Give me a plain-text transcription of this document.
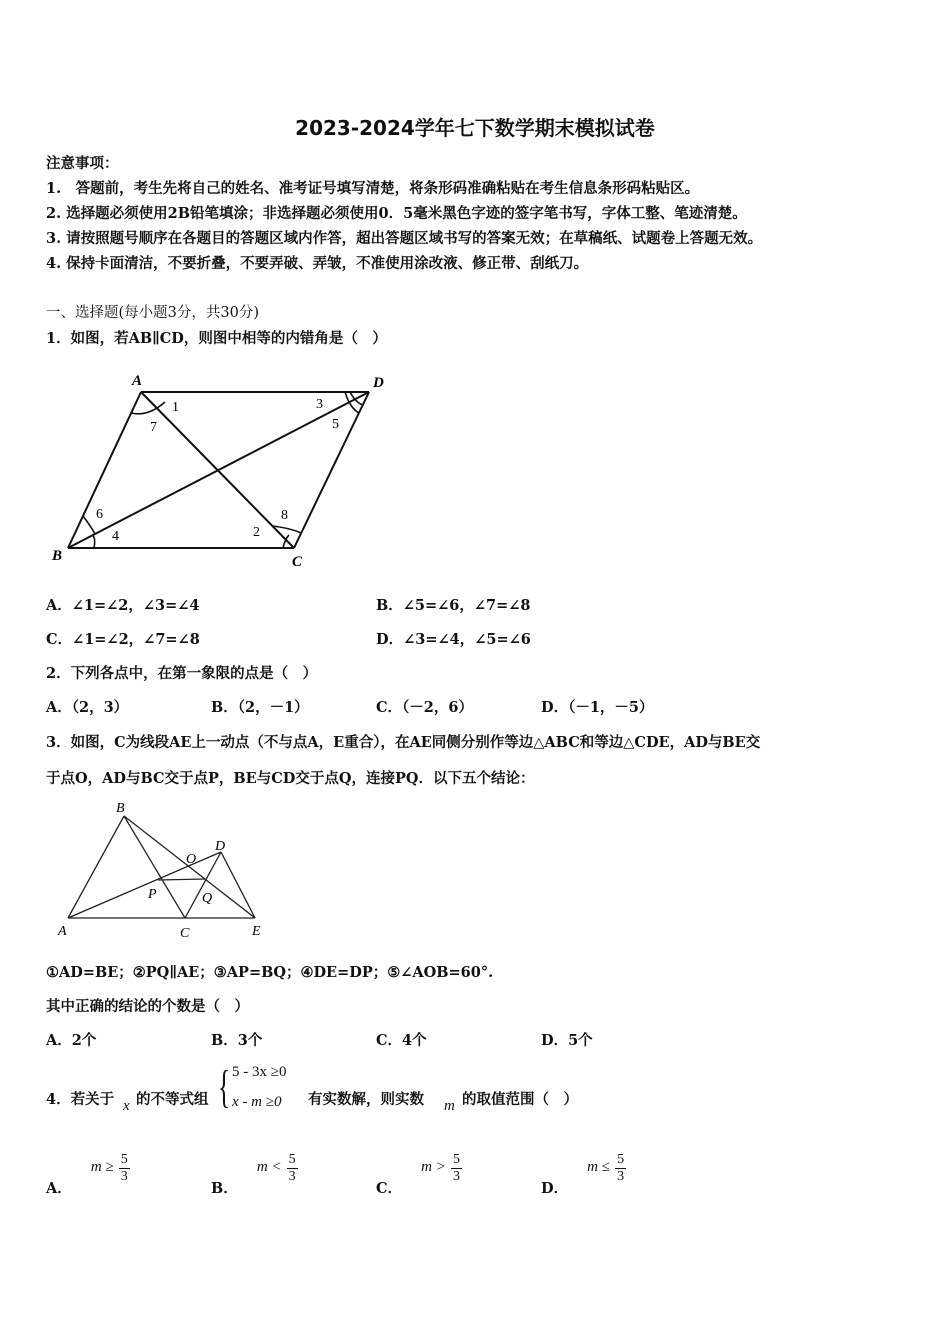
2023-2024学年七下数学期末模拟试卷
注意事项：
1.　答题前，考生先将自己的姓名、准考证号填写清楚，将条形码准确粘贴在考生信息条形码粘贴区。
2. 选择题必须使用2B铅笔填涂；非选择题必须使用0．5毫米黑色字迹的签字笔书写，字体工整、笔迹清楚。
3. 请按照题号顺序在各题目的答题区域内作答，超出答题区域书写的答案无效；在草稿纸、试题卷上答题无效。
4. 保持卡面清洁，不要折叠，不要弄破、弄皱，不准使用涂改液、修正带、刮纸刀。
一、选择题(每小题3分，共30分)
1．如图，若AB∥CD，则图中相等的内错角是（　）
A	D
B	C
1
7
3
5
6
4	2
8
A．∠1=∠2，∠3=∠4	B．∠5=∠6，∠7=∠8
C．∠1=∠2，∠7=∠8	D．∠3=∠4，∠5=∠6
2．下列各点中，在第一象限的点是（　）
A．（2，3）	B．（2，－1）	C．（－2，6）	D．（－1，－5）
3．如图，C为线段AE上一动点（不与点A，E重合），在AE同侧分别作等边△ABC和等边△CDE，AD与BE交
于点O，AD与BC交于点P，BE与CD交于点Q，连接PQ．以下五个结论：
B
D
O
P	Q
A	C	E
①AD=BE；②PQ∥AE；③AP=BQ；④DE=DP；⑤∠AOB=60°.
其中正确的结论的个数是（　）
A．2个	B．3个	C．4个	D．5个
4．若关于 x 的不等式组 { 5 - 3x ≥0
x - m ≥0 有实数解，则实数 m 的取值范围（　）
A． $m \ge \frac{5}{3}$
B． $m < \frac{5}{3}$
C． $m > \frac{5}{3}$
D． $m \le \frac{5}{3}$
